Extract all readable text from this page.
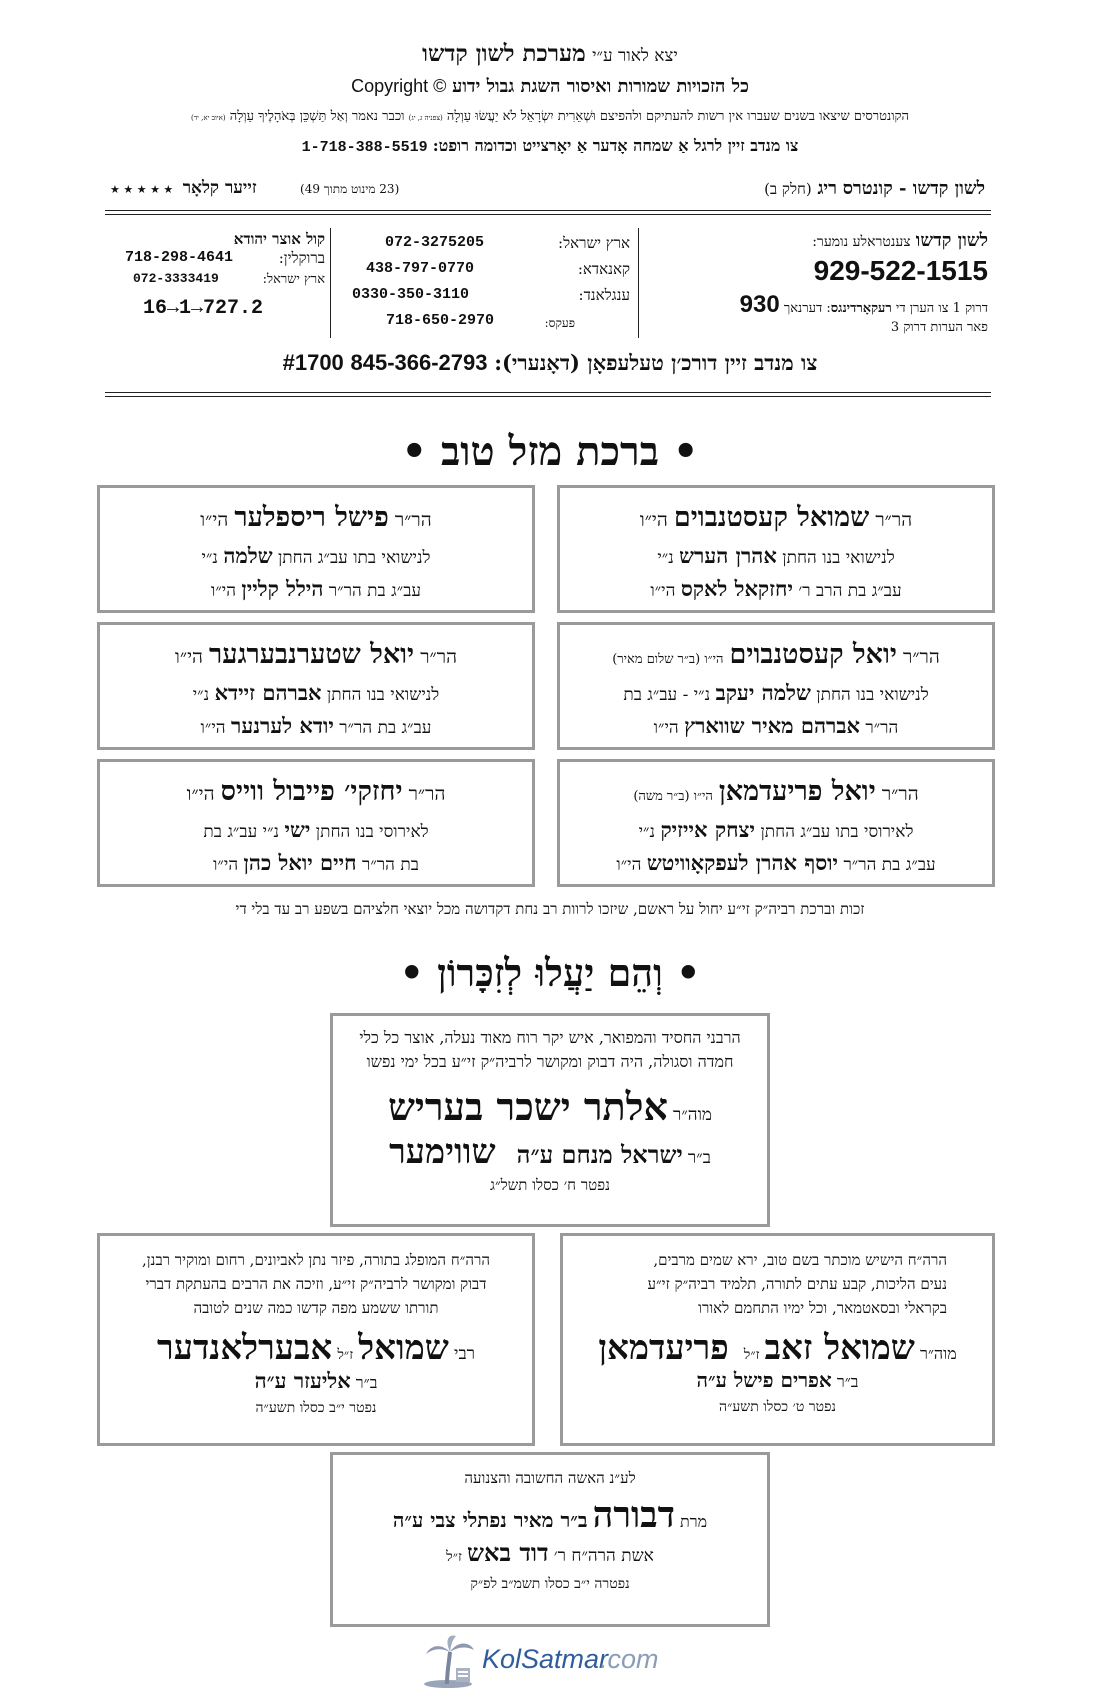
יצא לאור ע״י מערכת לשון קדשו
כל הזכויות שמורות ואיסור השגת גבול ידוע Copyright ©
הקונטרסים שיצאו בשנים שעברו אין רשות להעתיקם ולהפיצם וּשְׁאֵרִית יִשְׂרָאֵל לֹא יַעֲשׂוּ עַוְלָה (צפניה ג, יג) וכבר נאמר וְאַל תַּשְׁכֵּן בְּאֹהָלֶיךָ עַוְלָה (איוב יא, יד)
צו מנדב זיין לרגל אַ שמחה אָדער אַ יאָרצייט וכדומה רופט: 1-718-388-5519
לשון קדשו - קונטרס ריג (חלק ב)
(23 מינוט מתוך 49)
זייער קלאָר ★ ★ ★ ★ ★
לשון קדשו צענטראלע נומער:
929-522-1515
דרוק 1 צו הערן די רעקאָרדינגס: דערנאך 930
פאר הערות דרוק 3
ארץ ישראל:
072-3275205
קאנאדא:
438-797-0770
ענגלאנד:
0330-350-3110
פעקס:
718-650-2970
קול אוצר יהודא
ברוקלין:
718-298-4641
ארץ ישראל:
072-3333419
16→1→727.2
צו מנדב זיין דורכ׳ן טעלעפאָן (דאָנערי): #1700 845-366-2793
• ברכת מזל טוב •
הר״ר שמואל קעסטנבוים הי״ו
לנישואי בנו החתן אהרן הערש נ״י
עב״ג בת הרב ר׳ יחזקאל לאקס הי״ו
הר״ר פישל ריספלער הי״ו
לנישואי בתו עב״ג החתן שלמה נ״י
עב״ג בת הר״ר הילל קליין הי״ו
הר״ר יואל קעסטנבוים הי״ו (ב״ר שלום מאיר)
לנישואי בנו החתן שלמה יעקב נ״י - עב״ג בת
הר״ר אברהם מאיר שווארץ הי״ו
הר״ר יואל שטערנבערגער הי״ו
לנישואי בנו החתן אברהם זיידא נ״י
עב״ג בת הר״ר יודא לערנער הי״ו
הר״ר יואל פריעדמאן הי״ו (ב״ר משה)
לאירוסי בתו עב״ג החתן יצחק אייזיק נ״י
עב״ג בת הר״ר יוסף אהרן לעפקאָוויטש הי״ו
הר״ר יחזקי׳ פייבול ווייס הי״ו
לאירוסי בנו החתן ישי נ״י עב״ג בת
בת הר״ר חיים יואל כהן הי״ו
זכות וברכת רביה״ק זי״ע יחול על ראשם, שיזכו לרוות רב נחת דקדושה מכל יוצאי חלציהם בשפע רב עד בלי די
• וְהֵם יַעֲלוּ לְזִכָּרוֹן •
הרבני החסיד והמפואר, איש יקר רוח מאוד נעלה, אוצר כל כלי
חמדה וסגולה, היה דבוק ומקושר לרביה״ק זי״ע בכל ימי נפשו
מוה״ר אלתר ישכר בעריש
ב״ר ישראל מנחם ע״ה שווימער
נפטר ח׳ כסלו תשל״ג
הרה״ח הישיש מוכתר בשם טוב, ירא שמים מרבים,
נעים הליכות, קבע עתים לתורה, תלמיד רביה״ק זי״ע
בקראלי ובסאטמאר, וכל ימיו התחמם לאורו
מוה״ר שמואל זאב ז״ל פריעדמאן
ב״ר אפרים פישל ע״ה
נפטר ט׳ כסלו תשע״ה
הרה״ח המופלג בתורה, פיזר נתן לאביונים, רחום ומוקיר רבנן,
דבוק ומקושר לרביה״ק זי״ע, וזיכה את הרבים בהעתקת דברי
תורתו ששמע מפה קדשו כמה שנים לטובה
רבי שמואל ז״ל אבערלאנדער
ב״ר אליעזר ע״ה
נפטר י״ב כסלו תשע״ה
לע״נ האשה החשובה והצנועה
מרת דבורה ב״ר מאיר נפתלי צבי ע״ה
אשת הרה״ח ר׳ דוד באש ז״ל
נפטרה י״ב כסלו תשמ״ב לפ״ק
KolSatmar
.com
